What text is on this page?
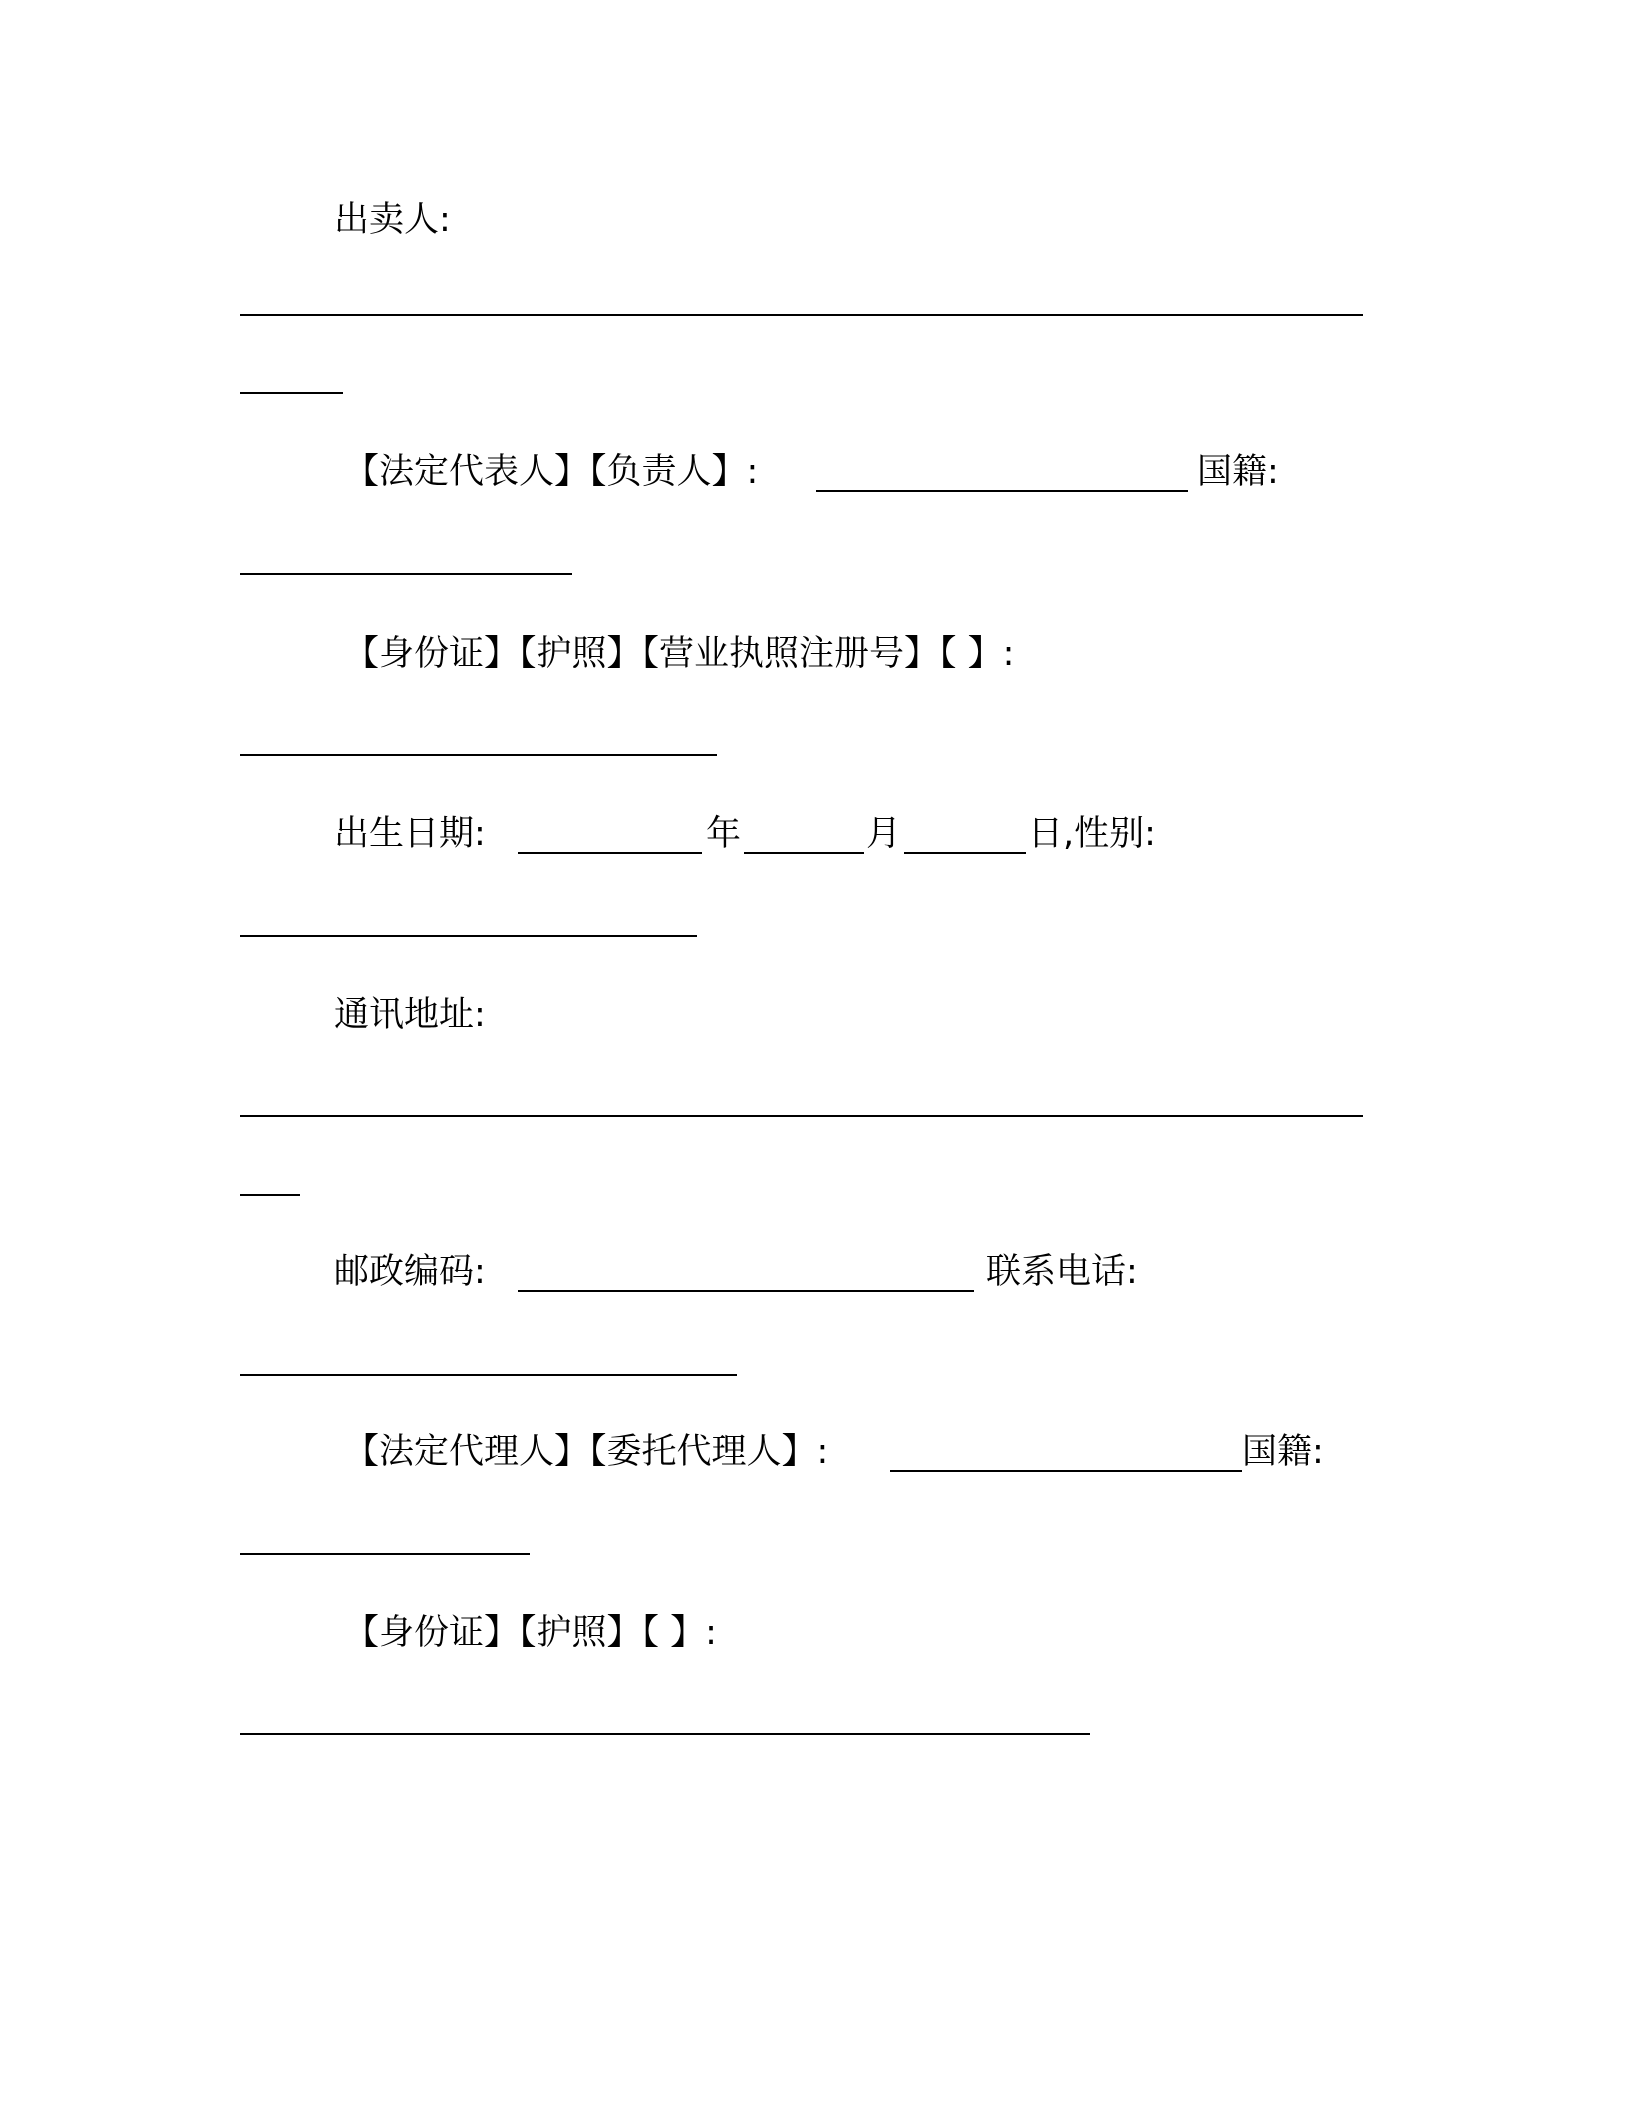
出卖人:
【法定代表人】【负责人】:	国籍:
【身份证】【护照】【营业执照注册号】【 】:
出生日期:	年	月	日,性别:
通讯地址:
邮政编码:	联系电话:
【法定代理人】【委托代理人】:	国籍:
【身份证】【护照】【 】:
